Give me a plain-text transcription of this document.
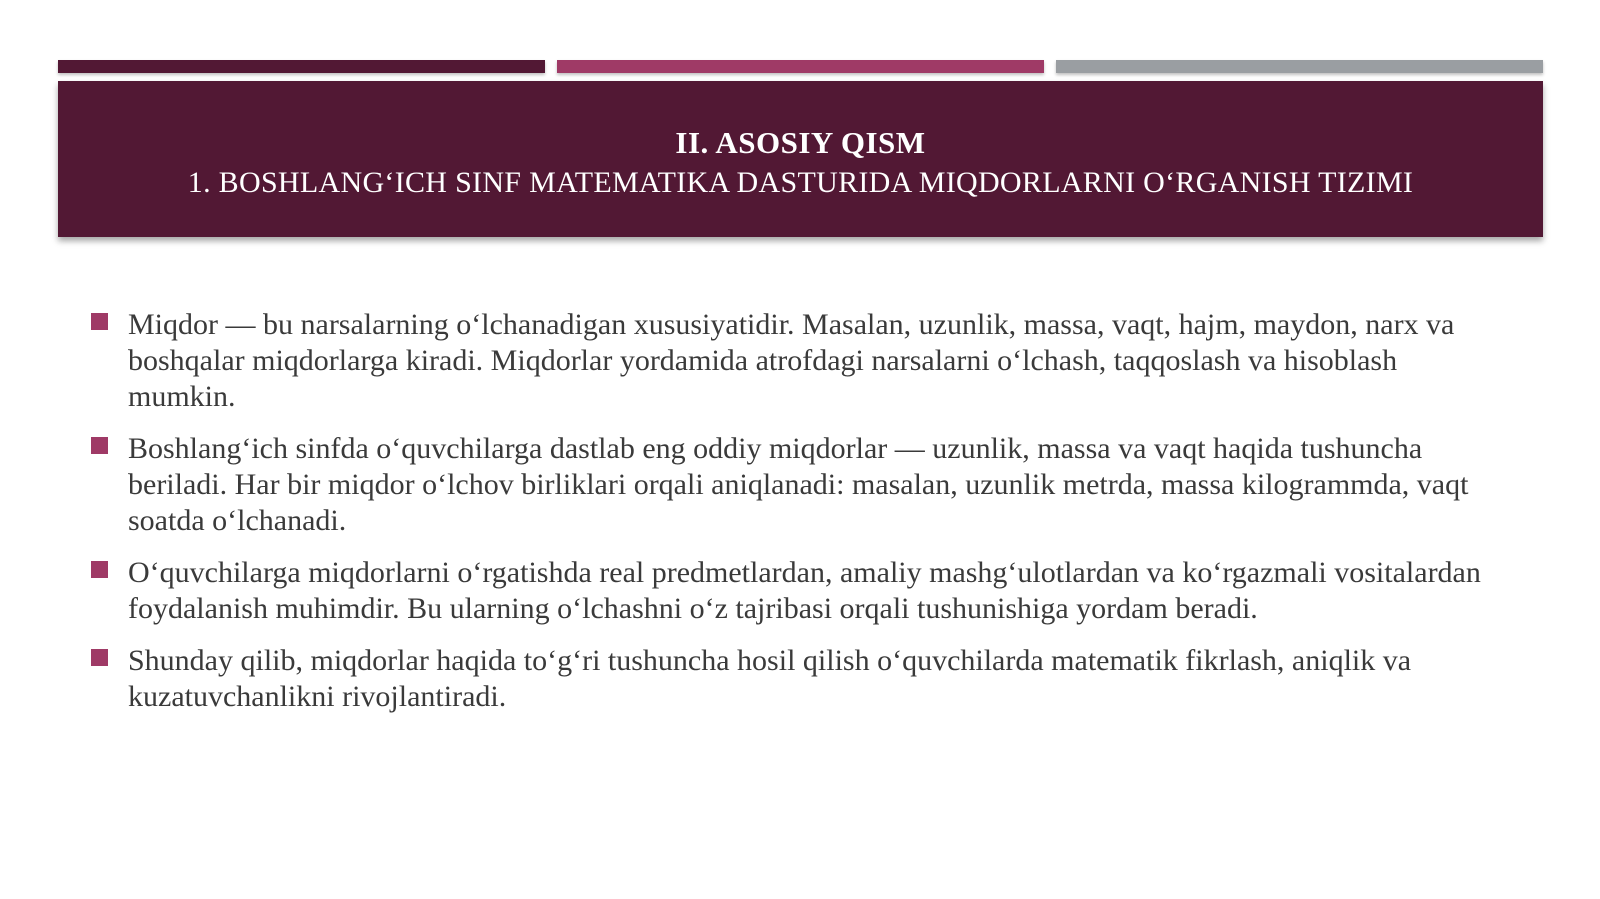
II. ASOSIY QISM
1. BOSHLANG‘ICH SINF MATEMATIKA DASTURIDA MIQDORLARNI O‘RGANISH TIZIMI
Miqdor — bu narsalarning o‘lchanadigan xususiyatidir. Masalan, uzunlik, massa, vaqt, hajm, maydon, narx va boshqalar miqdorlarga kiradi. Miqdorlar yordamida atrofdagi narsalarni o‘lchash, taqqoslash va hisoblash mumkin.
Boshlang‘ich sinfda o‘quvchilarga dastlab eng oddiy miqdorlar — uzunlik, massa va vaqt haqida tushuncha beriladi. Har bir miqdor o‘lchov birliklari orqali aniqlanadi: masalan, uzunlik metrda, massa kilogrammda, vaqt soatda o‘lchanadi.
O‘quvchilarga miqdorlarni o‘rgatishda real predmetlardan, amaliy mashg‘ulotlardan va ko‘rgazmali vositalardan foydalanish muhimdir. Bu ularning o‘lchashni o‘z tajribasi orqali tushunishiga yordam beradi.
Shunday qilib, miqdorlar haqida to‘g‘ri tushuncha hosil qilish o‘quvchilarda matematik fikrlash, aniqlik va kuzatuvchanlikni rivojlantiradi.
